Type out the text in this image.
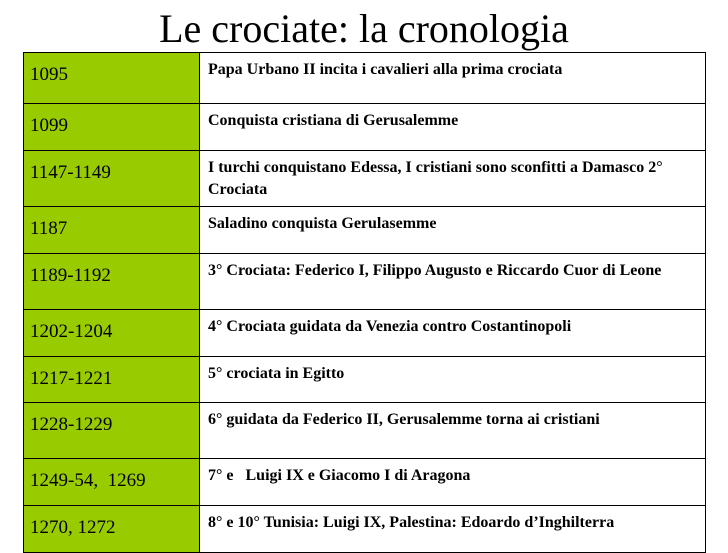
Le crociate: la cronologia
1095	Papa Urbano II incita i cavalieri alla prima crociata
1099	Conquista cristiana di Gerusalemme
1147-1149	I turchi conquistano Edessa, I cristiani sono sconfitti a Damasco 2° Crociata
1187	Saladino conquista Gerulasemme
1189-1192	3° Crociata: Federico I, Filippo Augusto e Riccardo Cuor di Leone
1202-1204	4° Crociata guidata da Venezia contro Costantinopoli
1217-1221	5° crociata in Egitto
1228-1229	6° guidata da Federico II, Gerusalemme torna ai cristiani
1249-54,  1269	7° e   Luigi IX e Giacomo I di Aragona
1270, 1272	8° e 10° Tunisia: Luigi IX, Palestina: Edoardo d’Inghilterra
